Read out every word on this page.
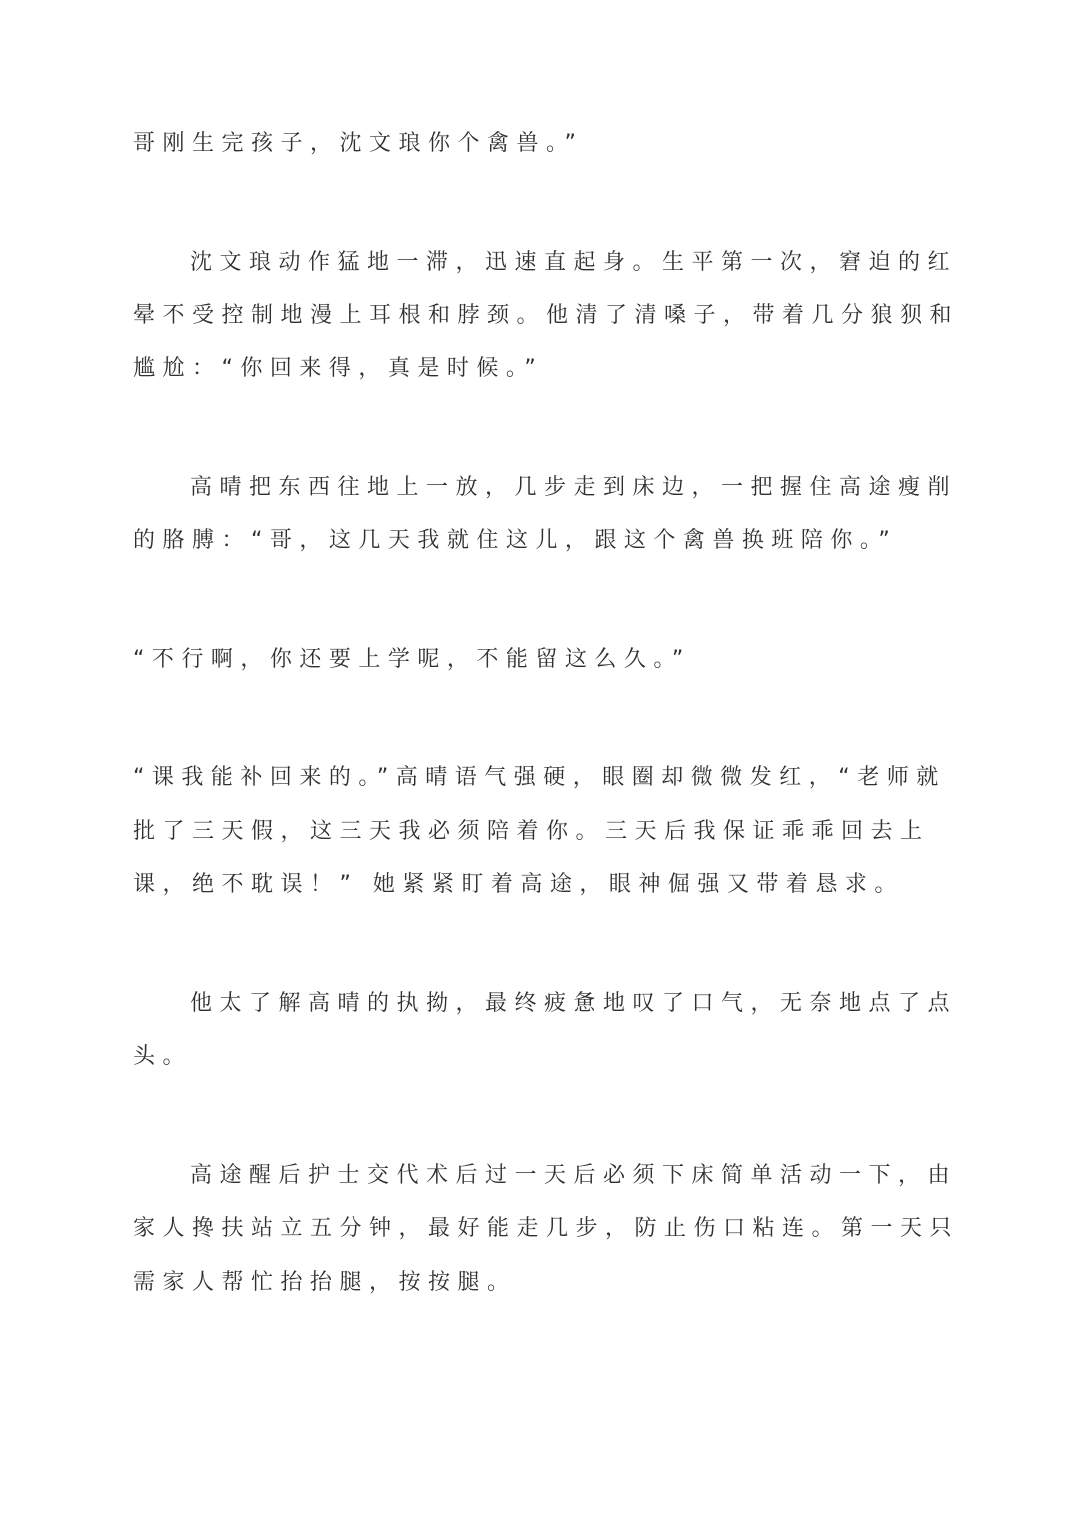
哥刚生完孩子，沈文琅你个禽兽。”

沈文琅动作猛地一滞，迅速直起身。生平第一次，窘迫的红

晕不受控制地漫上耳根和脖颈。他清了清嗓子，带着几分狼狈和

尴尬：“你回来得，真是时候。”

高晴把东西往地上一放，几步走到床边，一把握住高途瘦削

的胳膊：“哥，这几天我就住这儿，跟这个禽兽换班陪你。”

“不行啊，你还要上学呢，不能留这么久。”

“课我能补回来的。”高晴语气强硬，眼圈却微微发红，“老师就

批了三天假，这三天我必须陪着你。三天后我保证乖乖回去上

课，绝不耽误！” 她紧紧盯着高途，眼神倔强又带着恳求。

他太了解高晴的执拗，最终疲惫地叹了口气，无奈地点了点

头。

高途醒后护士交代术后过一天后必须下床简单活动一下，由

家人搀扶站立五分钟，最好能走几步，防止伤口粘连。第一天只

需家人帮忙抬抬腿，按按腿。
